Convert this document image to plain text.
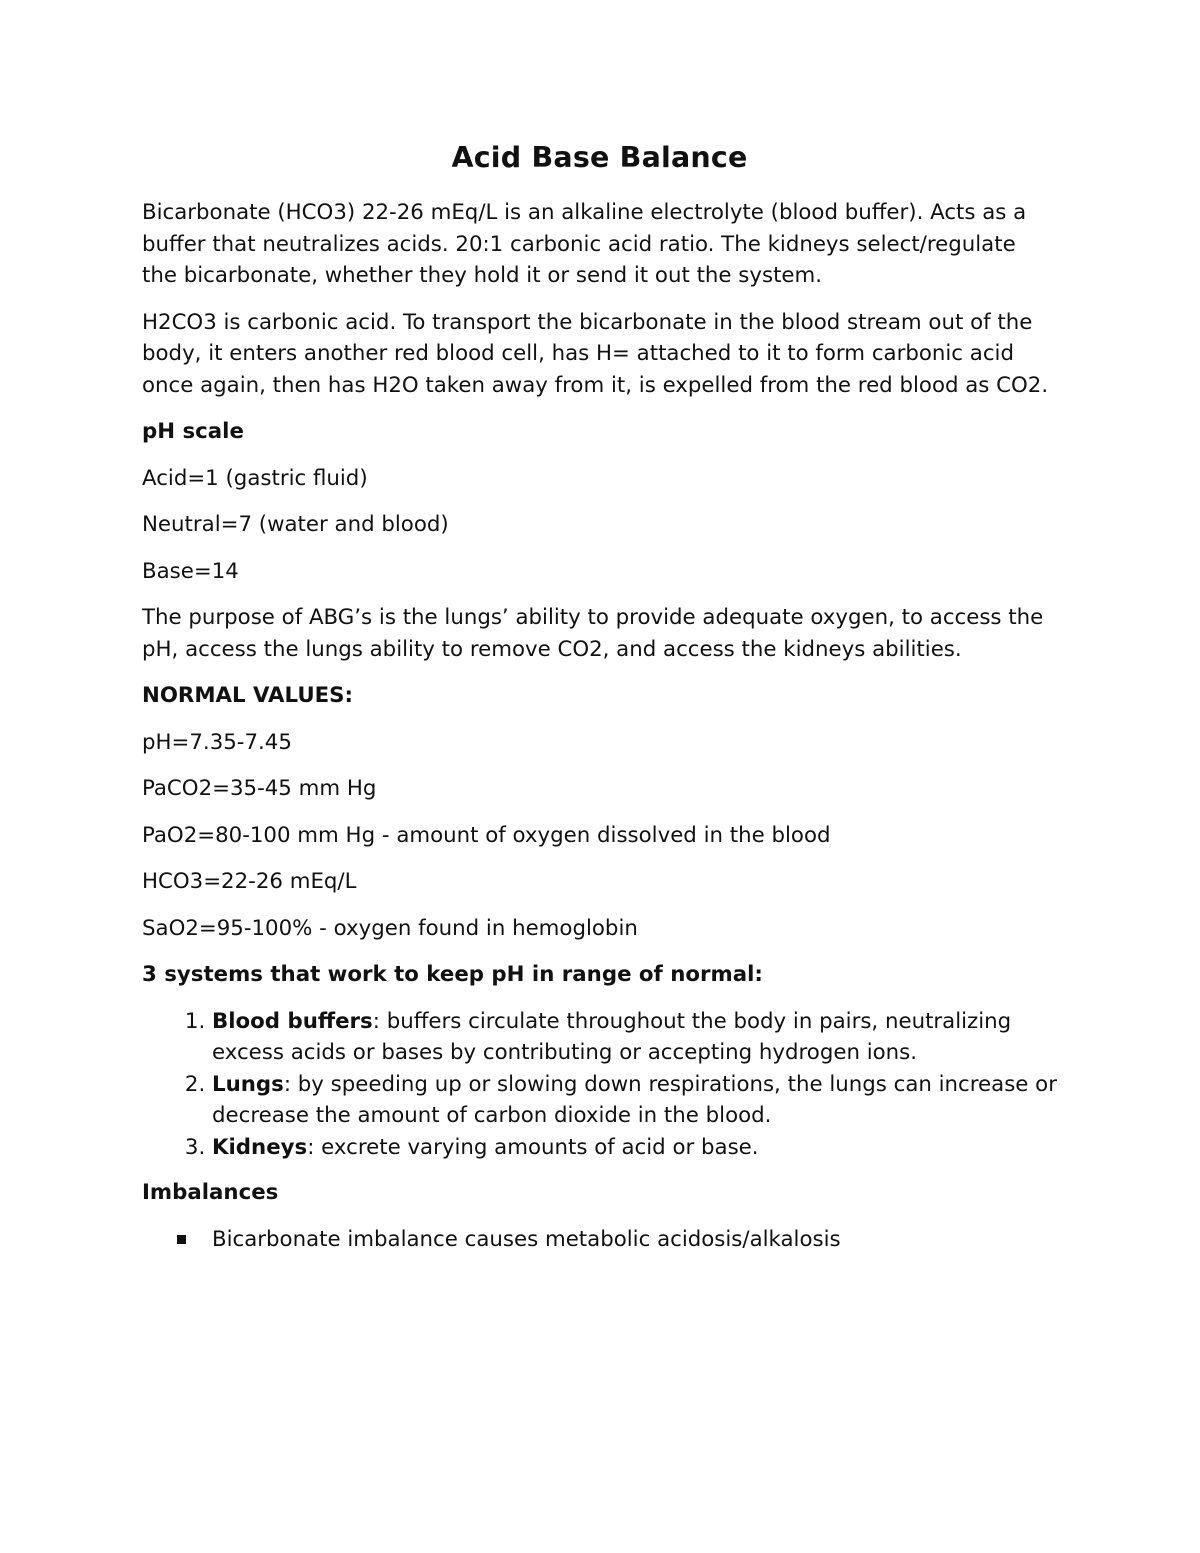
Acid Base Balance

Bicarbonate (HCO3) 22-26 mEq/L is an alkaline electrolyte (blood buffer). Acts as a buffer that neutralizes acids. 20:1 carbonic acid ratio. The kidneys select/regulate the bicarbonate, whether they hold it or send it out the system.

H2CO3 is carbonic acid. To transport the bicarbonate in the blood stream out of the body, it enters another red blood cell, has H= attached to it to form carbonic acid once again, then has H2O taken away from it, is expelled from the red blood as CO2.

pH scale

Acid=1 (gastric fluid)

Neutral=7 (water and blood)

Base=14

The purpose of ABG’s is the lungs’ ability to provide adequate oxygen, to access the pH, access the lungs ability to remove CO2, and access the kidneys abilities.

NORMAL VALUES:

pH=7.35-7.45

PaCO2=35-45 mm Hg

PaO2=80-100 mm Hg - amount of oxygen dissolved in the blood

HCO3=22-26 mEq/L

SaO2=95-100% - oxygen found in hemoglobin

3 systems that work to keep pH in range of normal:

1. Blood buffers: buffers circulate throughout the body in pairs, neutralizing excess acids or bases by contributing or accepting hydrogen ions.
2. Lungs: by speeding up or slowing down respirations, the lungs can increase or decrease the amount of carbon dioxide in the blood.
3. Kidneys: excrete varying amounts of acid or base.

Imbalances

Bicarbonate imbalance causes metabolic acidosis/alkalosis
